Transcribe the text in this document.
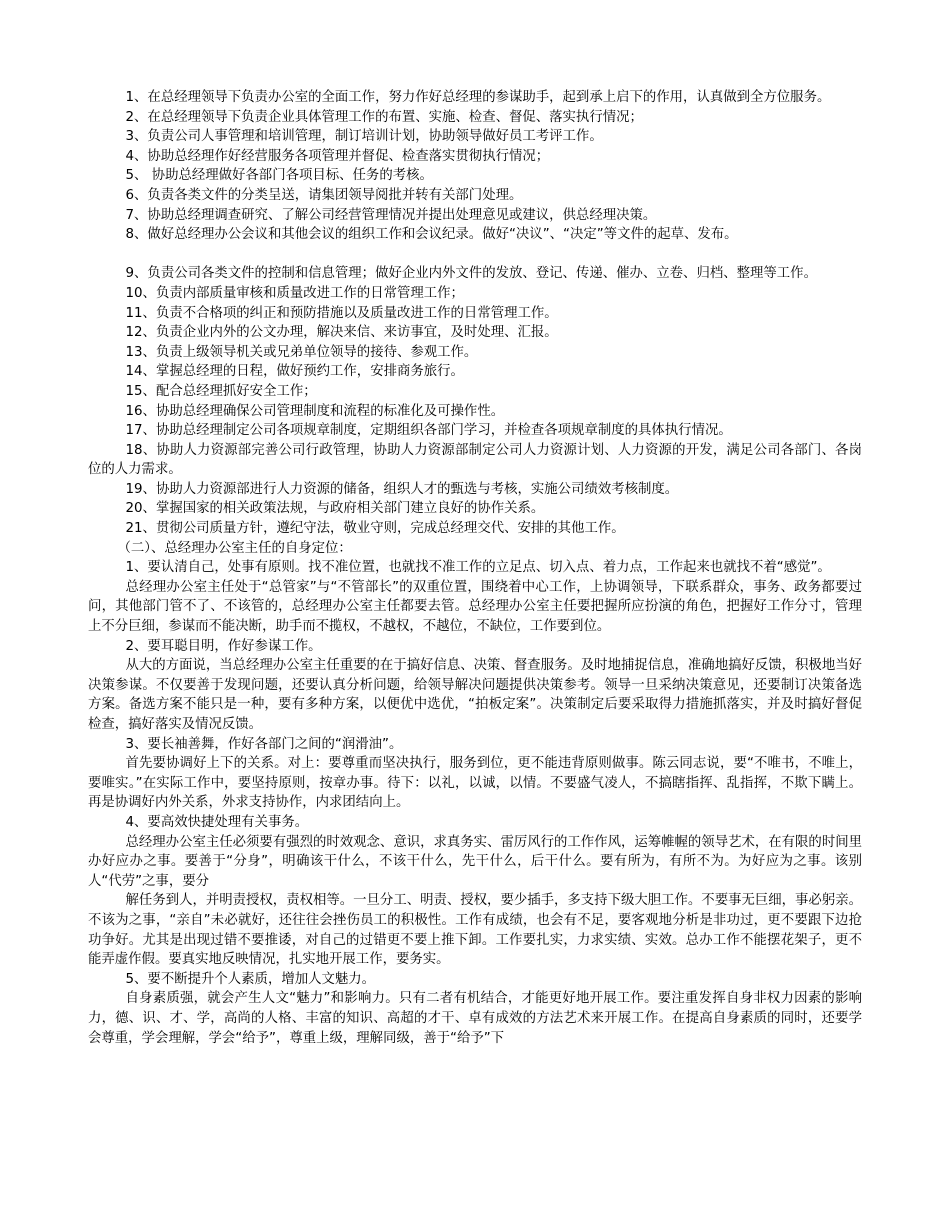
1、在总经理领导下负责办公室的全面工作，努力作好总经理的参谋助手，起到承上启下的作用，认真做到全方位服务。

2、在总经理领导下负责企业具体管理工作的布置、实施、检查、督促、落实执行情况；

3、负责公司人事管理和培训管理，制订培训计划，协助领导做好员工考评工作。

4、协助总经理作好经营服务各项管理并督促、检查落实贯彻执行情况；

5、 协助总经理做好各部门各项目标、任务的考核。

6、负责各类文件的分类呈送，请集团领导阅批并转有关部门处理。

7、协助总经理调查研究、了解公司经营管理情况并提出处理意见或建议，供总经理决策。

8、做好总经理办公会议和其他会议的组织工作和会议纪录。做好“决议”、“决定”等文件的起草、发布。

9、负责公司各类文件的控制和信息管理；做好企业内外文件的发放、登记、传递、催办、立卷、归档、整理等工作。

10、负责内部质量审核和质量改进工作的日常管理工作；

11、负责不合格项的纠正和预防措施以及质量改进工作的日常管理工作。

12、负责企业内外的公文办理，解决来信、来访事宜，及时处理、汇报。

13、负责上级领导机关或兄弟单位领导的接待、参观工作。

14、掌握总经理的日程，做好预约工作，安排商务旅行。

15、配合总经理抓好安全工作；

16、协助总经理确保公司管理制度和流程的标准化及可操作性。

17、协助总经理制定公司各项规章制度，定期组织各部门学习，并检查各项规章制度的具体执行情况。

18、协助人力资源部完善公司行政管理，协助人力资源部制定公司人力资源计划、人力资源的开发，满足公司各部门、各岗位的人力需求。

19、协助人力资源部进行人力资源的储备，组织人才的甄选与考核，实施公司绩效考核制度。

20、掌握国家的相关政策法规，与政府相关部门建立良好的协作关系。

21、贯彻公司质量方针，遵纪守法，敬业守则，完成总经理交代、安排的其他工作。

（二）、总经理办公室主任的自身定位：

1、要认清自己，处事有原则。找不准位置，也就找不准工作的立足点、切入点、着力点，工作起来也就找不着“感觉”。

总经理办公室主任处于“总管家”与“不管部长”的双重位置，围绕着中心工作，上协调领导，下联系群众，事务、政务都要过问，其他部门管不了、不该管的，总经理办公室主任都要去管。总经理办公室主任要把握所应扮演的角色，把握好工作分寸，管理上不分巨细，参谋而不能决断，助手而不揽权，不越权，不越位，不缺位，工作要到位。

2、要耳聪目明，作好参谋工作。

从大的方面说，当总经理办公室主任重要的在于搞好信息、决策、督查服务。及时地捕捉信息，准确地搞好反馈，积极地当好决策参谋。不仅要善于发现问题，还要认真分析问题，给领导解决问题提供决策参考。领导一旦采纳决策意见，还要制订决策备选方案。备选方案不能只是一种，要有多种方案，以便优中选优，“拍板定案”。决策制定后要采取得力措施抓落实，并及时搞好督促检查，搞好落实及情况反馈。

3、要长袖善舞，作好各部门之间的“润滑油”。

首先要协调好上下的关系。对上：要尊重而坚决执行，服务到位，更不能违背原则做事。陈云同志说，要“不唯书，不唯上，要唯实。”在实际工作中，要坚持原则，按章办事。待下：以礼，以诚，以情。不要盛气凌人，不搞瞎指挥、乱指挥，不欺下瞒上。再是协调好内外关系，外求支持协作，内求团结向上。

4、要高效快捷处理有关事务。

总经理办公室主任必须要有强烈的时效观念、意识，求真务实、雷厉风行的工作作风，运筹帷幄的领导艺术，在有限的时间里办好应办之事。要善于“分身”，明确该干什么，不该干什么，先干什么，后干什么。要有所为，有所不为。为好应为之事。该别人“代劳”之事，要分

解任务到人，并明责授权，责权相等。一旦分工、明责、授权，要少插手，多支持下级大胆工作。不要事无巨细，事必躬亲。不该为之事，“亲自”未必就好，还往往会挫伤员工的积极性。工作有成绩，也会有不足，要客观地分析是非功过，更不要跟下边抢功争好。尤其是出现过错不要推诿，对自己的过错更不要上推下卸。工作要扎实，力求实绩、实效。总办工作不能摆花架子，更不能弄虚作假。要真实地反映情况，扎实地开展工作，要务实。

5、要不断提升个人素质，增加人文魅力。

自身素质强，就会产生人文“魅力”和影响力。只有二者有机结合，才能更好地开展工作。要注重发挥自身非权力因素的影响力，德、识、才、学，高尚的人格、丰富的知识、高超的才干、卓有成效的方法艺术来开展工作。在提高自身素质的同时，还要学会尊重，学会理解，学会“给予”，尊重上级，理解同级，善于“给予”下
